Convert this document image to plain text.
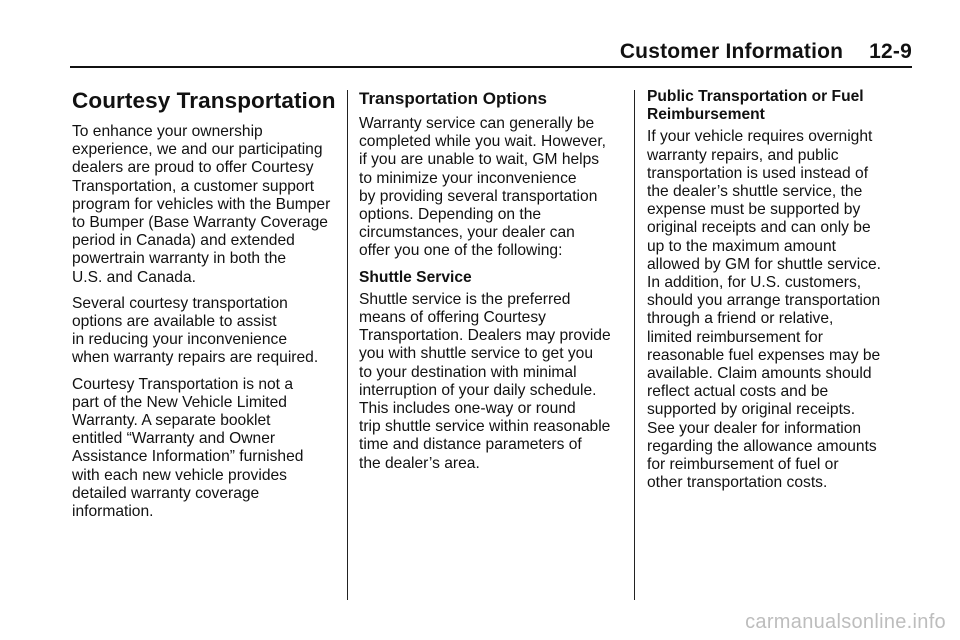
Customer Information 12-9
Courtesy Transportation

To enhance your ownership
experience, we and our participating
dealers are proud to offer Courtesy
Transportation, a customer support
program for vehicles with the Bumper
to Bumper (Base Warranty Coverage
period in Canada) and extended
powertrain warranty in both the
U.S. and Canada.

Several courtesy transportation
options are available to assist
in reducing your inconvenience
when warranty repairs are required.

Courtesy Transportation is not a
part of the New Vehicle Limited
Warranty. A separate booklet
entitled “Warranty and Owner
Assistance Information” furnished
with each new vehicle provides
detailed warranty coverage
information.

Transportation Options

Warranty service can generally be
completed while you wait. However,
if you are unable to wait, GM helps
to minimize your inconvenience
by providing several transportation
options. Depending on the
circumstances, your dealer can
offer you one of the following:

Shuttle Service

Shuttle service is the preferred
means of offering Courtesy
Transportation. Dealers may provide
you with shuttle service to get you
to your destination with minimal
interruption of your daily schedule.
This includes one-way or round
trip shuttle service within reasonable
time and distance parameters of
the dealer’s area.

Public Transportation or Fuel
Reimbursement

If your vehicle requires overnight
warranty repairs, and public
transportation is used instead of
the dealer’s shuttle service, the
expense must be supported by
original receipts and can only be
up to the maximum amount
allowed by GM for shuttle service.
In addition, for U.S. customers,
should you arrange transportation
through a friend or relative,
limited reimbursement for
reasonable fuel expenses may be
available. Claim amounts should
reflect actual costs and be
supported by original receipts.
See your dealer for information
regarding the allowance amounts
for reimbursement of fuel or
other transportation costs.

carmanualsonline.info
